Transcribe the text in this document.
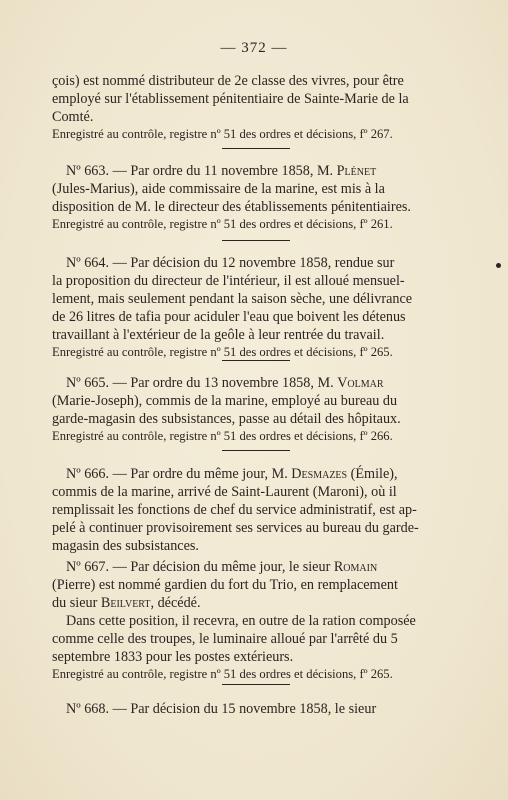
— 372 —

çois) est nommé distributeur de 2e classe des vivres, pour être

employé sur l'établissement pénitentiaire de Sainte-Marie de la

Comté.

Enregistré au contrôle, registre nº 51 des ordres et décisions, fº 267.

Nº 663. — Par ordre du 11 novembre 1858, M. Plénet

(Jules-Marius), aide commissaire de la marine, est mis à la

disposition de M. le directeur des établissements pénitentiaires.

Enregistré au contrôle, registre nº 51 des ordres et décisions, fº 261.

Nº 664. — Par décision du 12 novembre 1858, rendue sur

la proposition du directeur de l'intérieur, il est alloué mensuel-

lement, mais seulement pendant la saison sèche, une délivrance

de 26 litres de tafia pour aciduler l'eau que boivent les détenus

travaillant à l'extérieur de la geôle à leur rentrée du travail.

Enregistré au contrôle, registre nº 51 des ordres et décisions, fº 265.

Nº 665. — Par ordre du 13 novembre 1858, M. Volmar

(Marie-Joseph), commis de la marine, employé au bureau du

garde-magasin des subsistances, passe au détail des hôpitaux.

Enregistré au contrôle, registre nº 51 des ordres et décisions, fº 266.

Nº 666. — Par ordre du même jour, M. Desmazes (Émile),

commis de la marine, arrivé de Saint-Laurent (Maroni), où il

remplissait les fonctions de chef du service administratif, est ap-

pelé à continuer provisoirement ses services au bureau du garde-

magasin des subsistances.

Nº 667. — Par décision du même jour, le sieur Romain

(Pierre) est nommé gardien du fort du Trio, en remplacement

du sieur Beilvert, décédé.

Dans cette position, il recevra, en outre de la ration composée

comme celle des troupes, le luminaire alloué par l'arrêté du 5

septembre 1833 pour les postes extérieurs.

Enregistré au contrôle, registre nº 51 des ordres et décisions, fº 265.

Nº 668. — Par décision du 15 novembre 1858, le sieur
